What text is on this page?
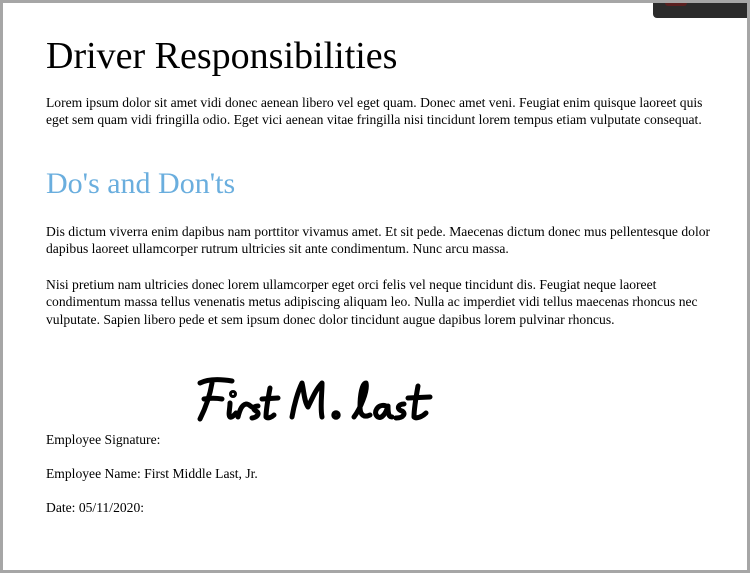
Driver Responsibilities

Lorem ipsum dolor sit amet vidi donec aenean libero vel eget quam. Donec amet veni. Feugiat enim quisque laoreet quis eget sem quam vidi fringilla odio. Eget vici aenean vitae fringilla nisi tincidunt lorem tempus etiam vulputate consequat.

Do's and Don'ts

Dis dictum viverra enim dapibus nam porttitor vivamus amet. Et sit pede. Maecenas dictum donec mus pellentesque dolor dapibus laoreet ullamcorper rutrum ultricies sit ante condimentum. Nunc arcu massa.

Nisi pretium nam ultricies donec lorem ullamcorper eget orci felis vel neque tincidunt dis. Feugiat neque laoreet condimentum massa tellus venenatis metus adipiscing aliquam leo. Nulla ac imperdiet vidi tellus maecenas rhoncus nec vulputate. Sapien libero pede et sem ipsum donec dolor tincidunt augue dapibus lorem pulvinar rhoncus.

Employee Signature:
Employee Name: First Middle Last, Jr.
Date: 05/11/2020:
